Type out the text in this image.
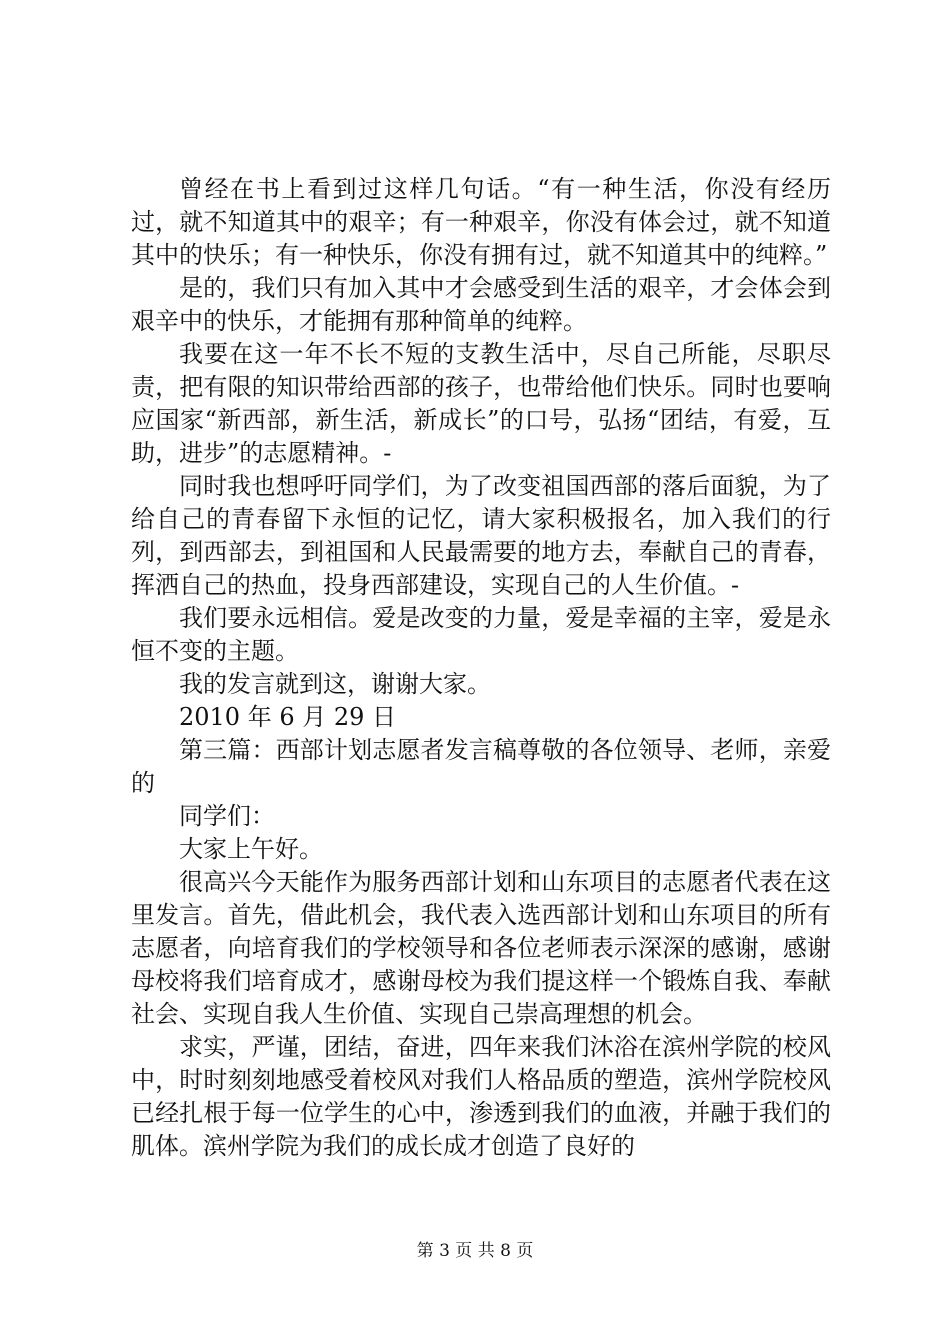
曾经在书上看到过这样几句话。“有一种生活，你没有经历过，就不知道其中的艰辛；有一种艰辛，你没有体会过，就不知道其中的快乐；有一种快乐，你没有拥有过，就不知道其中的纯粹。”

是的，我们只有加入其中才会感受到生活的艰辛，才会体会到艰辛中的快乐，才能拥有那种简单的纯粹。

我要在这一年不长不短的支教生活中，尽自己所能，尽职尽责，把有限的知识带给西部的孩子，也带给他们快乐。同时也要响应国家“新西部，新生活，新成长”的口号，弘扬“团结，有爱，互助，进步”的志愿精神。-

同时我也想呼吁同学们，为了改变祖国西部的落后面貌，为了给自己的青春留下永恒的记忆，请大家积极报名，加入我们的行列，到西部去，到祖国和人民最需要的地方去，奉献自己的青春，挥洒自己的热血，投身西部建设，实现自己的人生价值。-

我们要永远相信。爱是改变的力量，爱是幸福的主宰，爱是永恒不变的主题。

我的发言就到这，谢谢大家。

2010 年 6 月 29 日

第三篇：西部计划志愿者发言稿尊敬的各位领导、老师，亲爱的

同学们：

大家上午好。

很高兴今天能作为服务西部计划和山东项目的志愿者代表在这里发言。首先，借此机会，我代表入选西部计划和山东项目的所有志愿者，向培育我们的学校领导和各位老师表示深深的感谢，感谢母校将我们培育成才，感谢母校为我们提这样一个锻炼自我、奉献社会、实现自我人生价值、实现自己崇高理想的机会。

求实，严谨，团结，奋进，四年来我们沐浴在滨州学院的校风中，时时刻刻地感受着校风对我们人格品质的塑造，滨州学院校风已经扎根于每一位学生的心中，渗透到我们的血液，并融于我们的肌体。滨州学院为我们的成长成才创造了良好的

第 3 页 共 8 页
